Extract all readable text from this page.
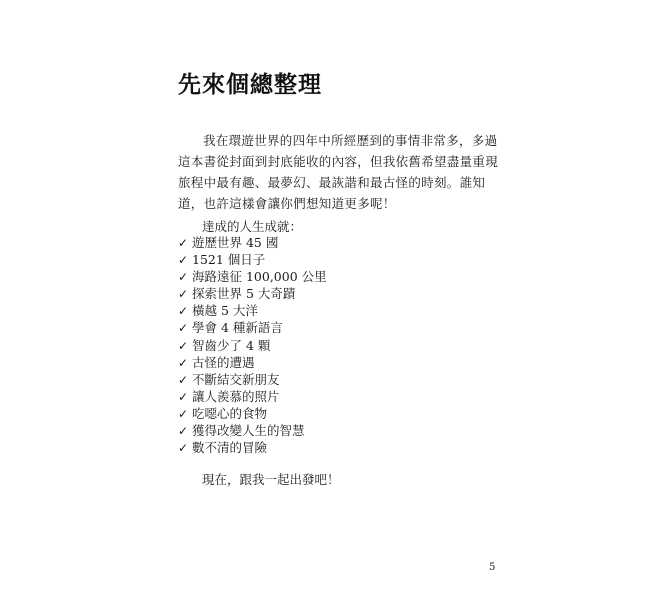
先來個總整理

我在環遊世界的四年中所經歷到的事情非常多，多過這本書從封面到封底能收的內容，但我依舊希望盡量重現旅程中最有趣、最夢幻、最詼諧和最古怪的時刻。誰知道，也許這樣會讓你們想知道更多呢！

達成的人生成就：

✓ 遊歷世界 45 國
✓ 1521 個日子
✓ 海路遠征 100,000 公里
✓ 探索世界 5 大奇蹟
✓ 橫越 5 大洋
✓ 學會 4 種新語言
✓ 智齒少了 4 顆
✓ 古怪的遭遇
✓ 不斷結交新朋友
✓ 讓人羨慕的照片
✓ 吃噁心的食物
✓ 獲得改變人生的智慧
✓ 數不清的冒險

現在，跟我一起出發吧！

5
